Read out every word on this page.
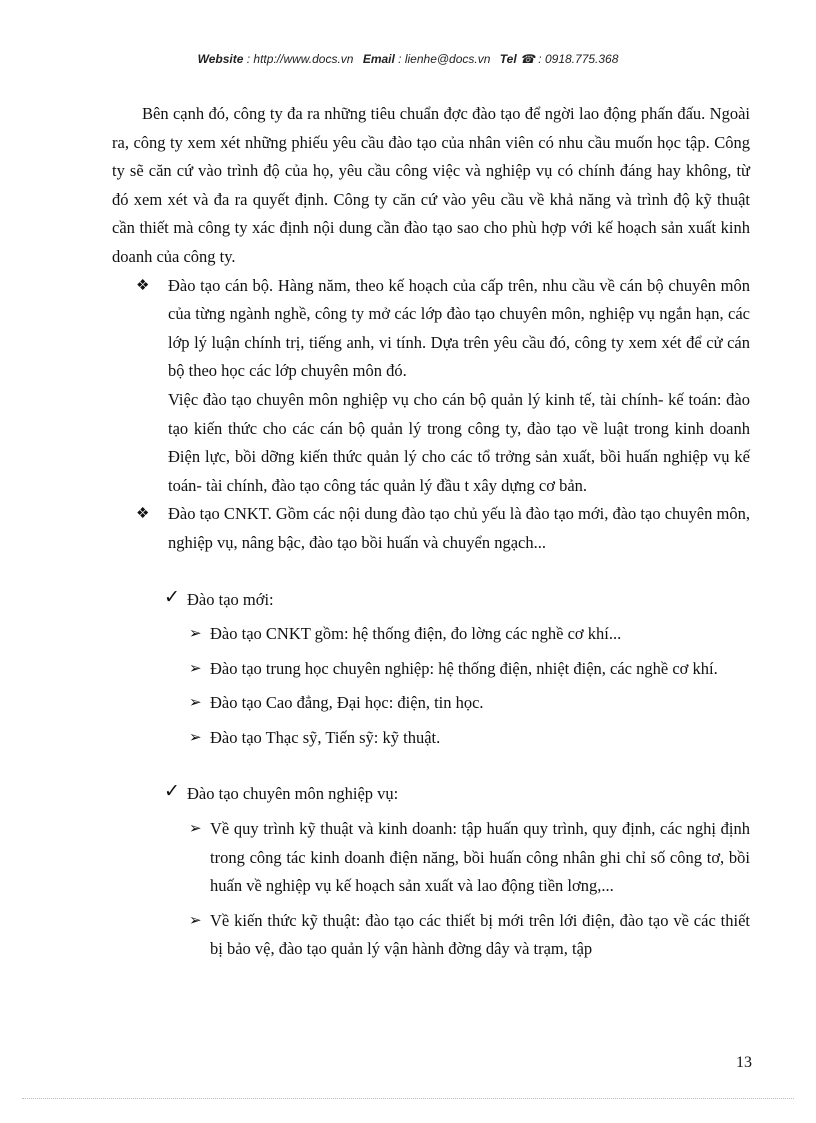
Website : http://www.docs.vn Email : lienhe@docs.vn Tel ☎ : 0918.775.368

Bên cạnh đó, công ty đa ra những tiêu chuẩn đợc đào tạo để ngời lao động phấn đấu. Ngoài ra, công ty xem xét những phiếu yêu cầu đào tạo của nhân viên có nhu cầu muốn học tập. Công ty sẽ căn cứ vào trình độ của họ, yêu cầu công việc và nghiệp vụ có chính đáng hay không, từ đó xem xét và đa ra quyết định. Công ty căn cứ vào yêu cầu về khả năng và trình độ kỹ thuật cần thiết mà công ty xác định nội dung cần đào tạo sao cho phù hợp với kế hoạch sản xuất kinh doanh của công ty.

❖ Đào tạo cán bộ. Hàng năm, theo kế hoạch của cấp trên, nhu cầu về cán bộ chuyên môn của từng ngành nghề, công ty mở các lớp đào tạo chuyên môn, nghiệp vụ ngắn hạn, các lớp lý luận chính trị, tiếng anh, vi tính. Dựa trên yêu cầu đó, công ty xem xét để cử cán bộ theo học các lớp chuyên môn đó.

Việc đào tạo chuyên môn nghiệp vụ cho cán bộ quản lý kinh tế, tài chính- kế toán: đào tạo kiến thức cho các cán bộ quản lý trong công ty, đào tạo về luật trong kinh doanh Điện lực, bồi dỡng kiến thức quản lý cho các tổ trởng sản xuất, bồi huấn nghiệp vụ kế toán- tài chính, đào tạo công tác quản lý đầu t xây dựng cơ bản.

❖ Đào tạo CNKT. Gồm các nội dung đào tạo chủ yếu là đào tạo mới, đào tạo chuyên môn, nghiệp vụ, nâng bậc, đào tạo bồi huấn và chuyển ngạch...

✓ Đào tạo mới:
➢ Đào tạo CNKT gồm: hệ thống điện, đo lờng các nghề cơ khí...
➢ Đào tạo trung học chuyên nghiệp: hệ thống điện, nhiệt điện, các nghề cơ khí.
➢ Đào tạo Cao đẳng, Đại học: điện, tin học.
➢ Đào tạo Thạc sỹ, Tiến sỹ: kỹ thuật.
✓ Đào tạo chuyên môn nghiệp vụ:
➢ Về quy trình kỹ thuật và kinh doanh: tập huấn quy trình, quy định, các nghị định trong công tác kinh doanh điện năng, bồi huấn công nhân ghi chỉ số công tơ, bồi huấn về nghiệp vụ kế hoạch sản xuất và lao động tiền lơng,...
➢ Về kiến thức kỹ thuật: đào tạo các thiết bị mới trên lới điện, đào tạo về các thiết bị bảo vệ, đào tạo quản lý vận hành đờng dây và trạm, tập
13
